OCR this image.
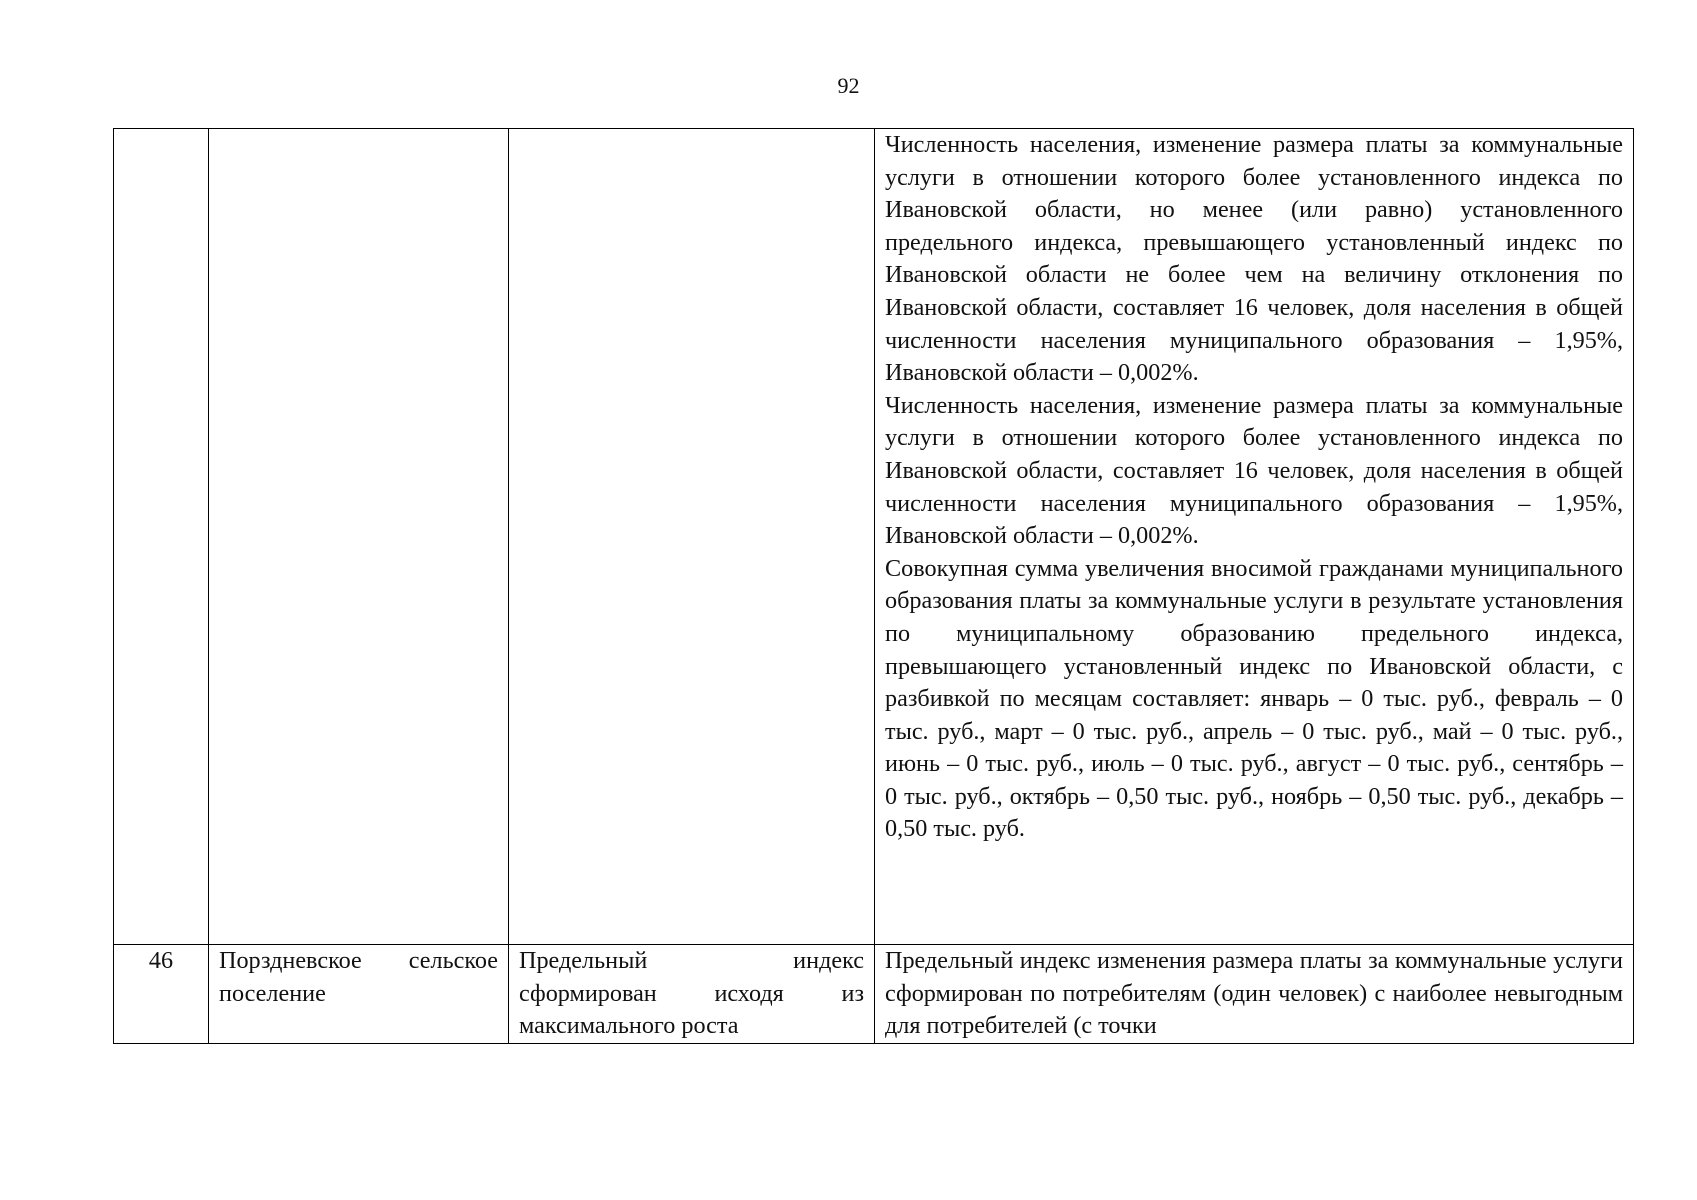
92

			Численность населения, изменение размера платы за коммунальные услуги в отношении которого более установленного индекса по Ивановской области, но менее (или равно) установленного предельного индекса, превышающего установленный индекс по Ивановской области не более чем на величину отклонения по Ивановской области, составляет 16 человек, доля населения в общей численности населения муниципального образования – 1,95%, Ивановской области – 0,002%.

Численность населения, изменение размера платы за коммунальные услуги в отношении которого более установленного индекса по Ивановской области, составляет 16 человек, доля населения в общей численности населения муниципального образования – 1,95%, Ивановской области – 0,002%.

Совокупная сумма увеличения вносимой гражданами муниципального образования платы за коммунальные услуги в результате установления по муниципальному образованию предельного индекса, превышающего установленный индекс по Ивановской области, с разбивкой по месяцам составляет: январь – 0 тыс. руб., февраль – 0 тыс. руб., март – 0 тыс. руб., апрель – 0 тыс. руб., май – 0 тыс. руб., июнь – 0 тыс. руб., июль – 0 тыс. руб., август – 0 тыс. руб., сентябрь – 0 тыс. руб., октябрь – 0,50 тыс. руб., ноябрь – 0,50 тыс. руб., декабрь – 0,50 тыс. руб.

46	Порздневское сельское поселение	Предельный индекс сформирован исходя из максимального роста	Предельный индекс изменения размера платы за коммунальные услуги сформирован по потребителям (один человек) с наиболее невыгодным для потребителей (с точки
